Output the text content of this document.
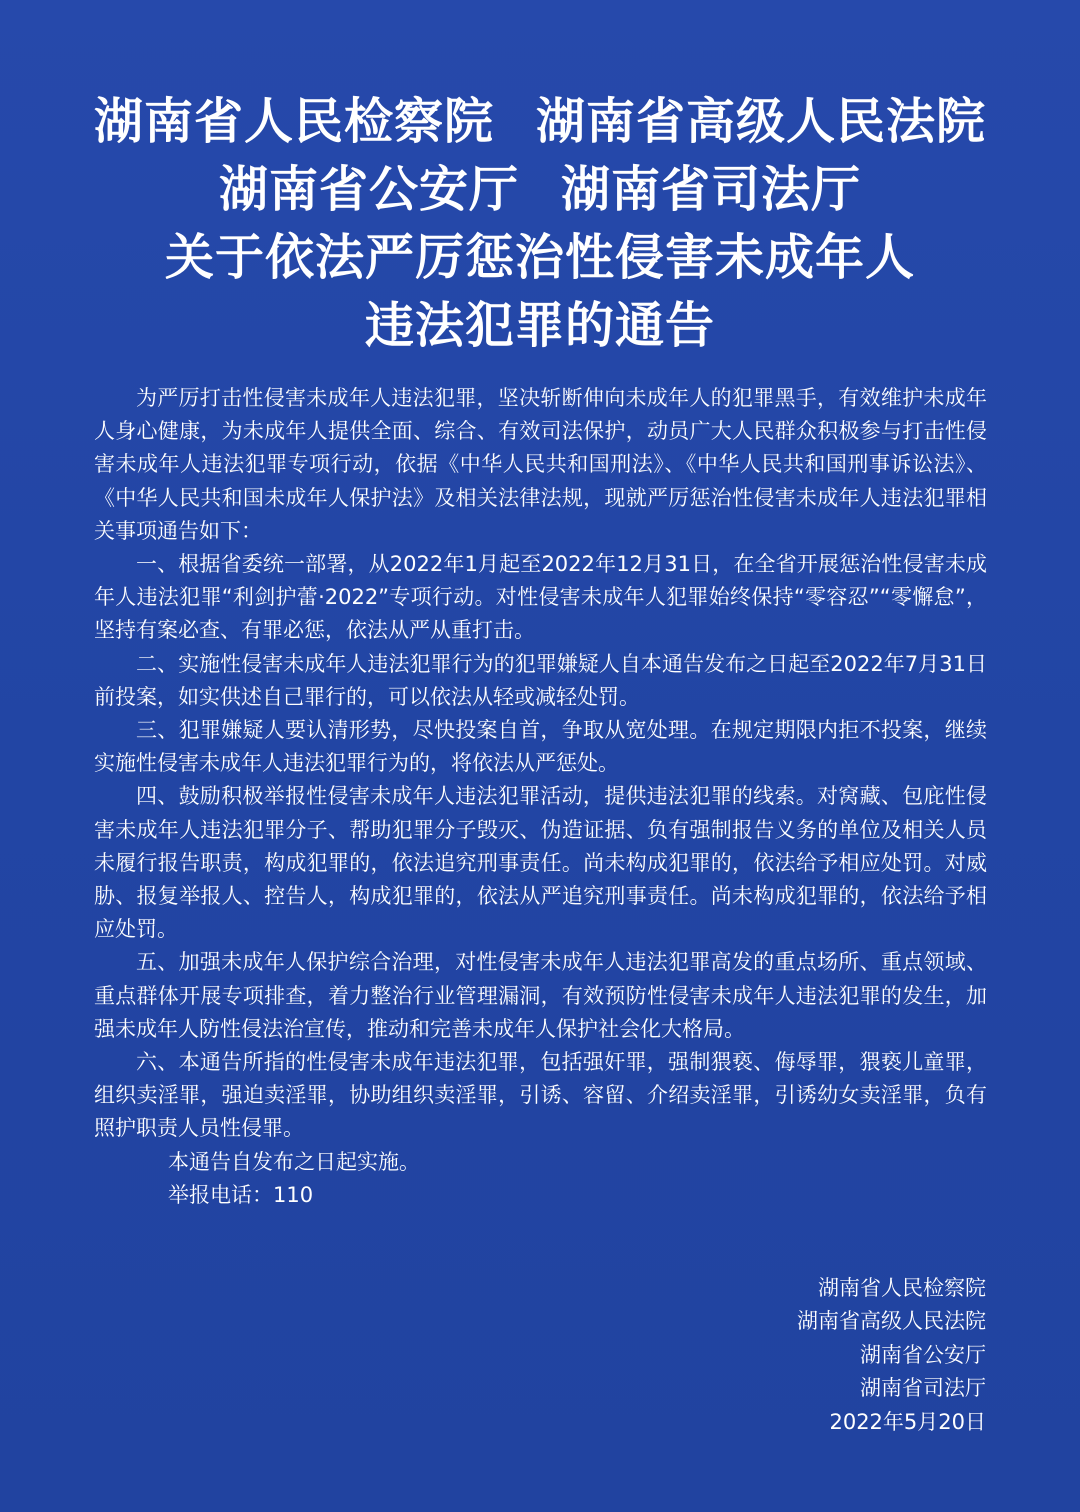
湖南省人民检察院 湖南省高级人民法院
湖南省公安厅 湖南省司法厅
关于依法严厉惩治性侵害未成年人
违法犯罪的通告

为严厉打击性侵害未成年人违法犯罪，坚决斩断伸向未成年人的犯罪黑手，有效维护未成年人身心健康，为未成年人提供全面、综合、有效司法保护，动员广大人民群众积极参与打击性侵害未成年人违法犯罪专项行动，依据《中华人民共和国刑法》、《中华人民共和国刑事诉讼法》、《中华人民共和国未成年人保护法》及相关法律法规，现就严厉惩治性侵害未成年人违法犯罪相关事项通告如下：

一、根据省委统一部署，从2022年1月起至2022年12月31日，在全省开展惩治性侵害未成年人违法犯罪“利剑护蕾·2022”专项行动。对性侵害未成年人犯罪始终保持“零容忍”“零懈怠”，坚持有案必查、有罪必惩，依法从严从重打击。

二、实施性侵害未成年人违法犯罪行为的犯罪嫌疑人自本通告发布之日起至2022年7月31日前投案，如实供述自己罪行的，可以依法从轻或减轻处罚。

三、犯罪嫌疑人要认清形势，尽快投案自首，争取从宽处理。在规定期限内拒不投案，继续实施性侵害未成年人违法犯罪行为的，将依法从严惩处。

四、鼓励积极举报性侵害未成年人违法犯罪活动，提供违法犯罪的线索。对窝藏、包庇性侵害未成年人违法犯罪分子、帮助犯罪分子毁灭、伪造证据、负有强制报告义务的单位及相关人员未履行报告职责，构成犯罪的，依法追究刑事责任。尚未构成犯罪的，依法给予相应处罚。对威胁、报复举报人、控告人，构成犯罪的，依法从严追究刑事责任。尚未构成犯罪的，依法给予相应处罚。

五、加强未成年人保护综合治理，对性侵害未成年人违法犯罪高发的重点场所、重点领域、重点群体开展专项排查，着力整治行业管理漏洞，有效预防性侵害未成年人违法犯罪的发生，加强未成年人防性侵法治宣传，推动和完善未成年人保护社会化大格局。

六、本通告所指的性侵害未成年违法犯罪，包括强奸罪，强制猥亵、侮辱罪，猥亵儿童罪，组织卖淫罪，强迫卖淫罪，协助组织卖淫罪，引诱、容留、介绍卖淫罪，引诱幼女卖淫罪，负有照护职责人员性侵罪。

本通告自发布之日起实施。

举报电话：110

湖南省人民检察院
湖南省高级人民法院
湖南省公安厅
湖南省司法厅
2022年5月20日
